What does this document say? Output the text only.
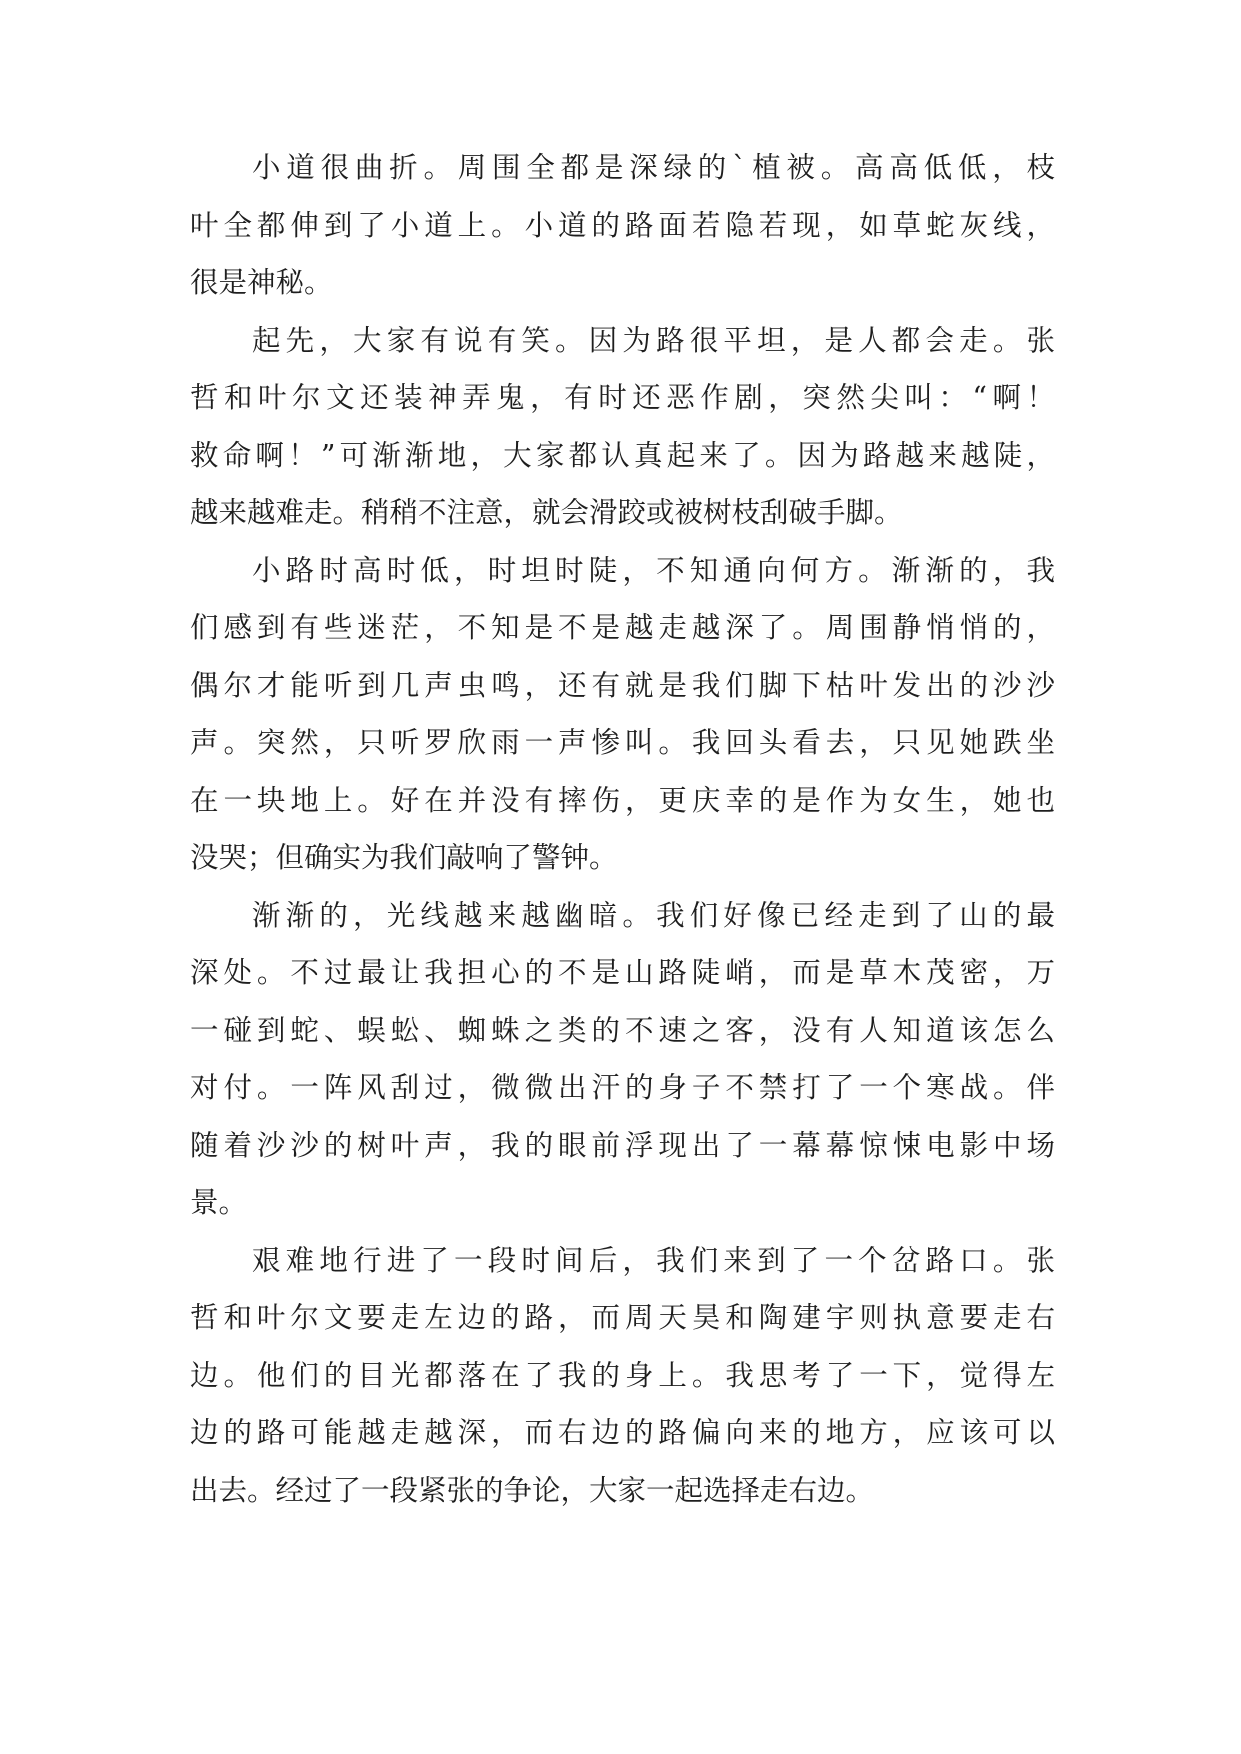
小道很曲折。周围全都是深绿的`植被。高高低低，枝
叶全都伸到了小道上。小道的路面若隐若现，如草蛇灰线，
很是神秘。
起先，大家有说有笑。因为路很平坦，是人都会走。张
哲和叶尔文还装神弄鬼，有时还恶作剧，突然尖叫：“啊！
救命啊！”可渐渐地，大家都认真起来了。因为路越来越陡，
越来越难走。稍稍不注意，就会滑跤或被树枝刮破手脚。
小路时高时低，时坦时陡，不知通向何方。渐渐的，我
们感到有些迷茫，不知是不是越走越深了。周围静悄悄的，
偶尔才能听到几声虫鸣，还有就是我们脚下枯叶发出的沙沙
声。突然，只听罗欣雨一声惨叫。我回头看去，只见她跌坐
在一块地上。好在并没有摔伤，更庆幸的是作为女生，她也
没哭；但确实为我们敲响了警钟。
渐渐的，光线越来越幽暗。我们好像已经走到了山的最
深处。不过最让我担心的不是山路陡峭，而是草木茂密，万
一碰到蛇、蜈蚣、蜘蛛之类的不速之客，没有人知道该怎么
对付。一阵风刮过，微微出汗的身子不禁打了一个寒战。伴
随着沙沙的树叶声，我的眼前浮现出了一幕幕惊悚电影中场
景。
艰难地行进了一段时间后，我们来到了一个岔路口。张
哲和叶尔文要走左边的路，而周天昊和陶建宇则执意要走右
边。他们的目光都落在了我的身上。我思考了一下，觉得左
边的路可能越走越深，而右边的路偏向来的地方，应该可以
出去。经过了一段紧张的争论，大家一起选择走右边。
